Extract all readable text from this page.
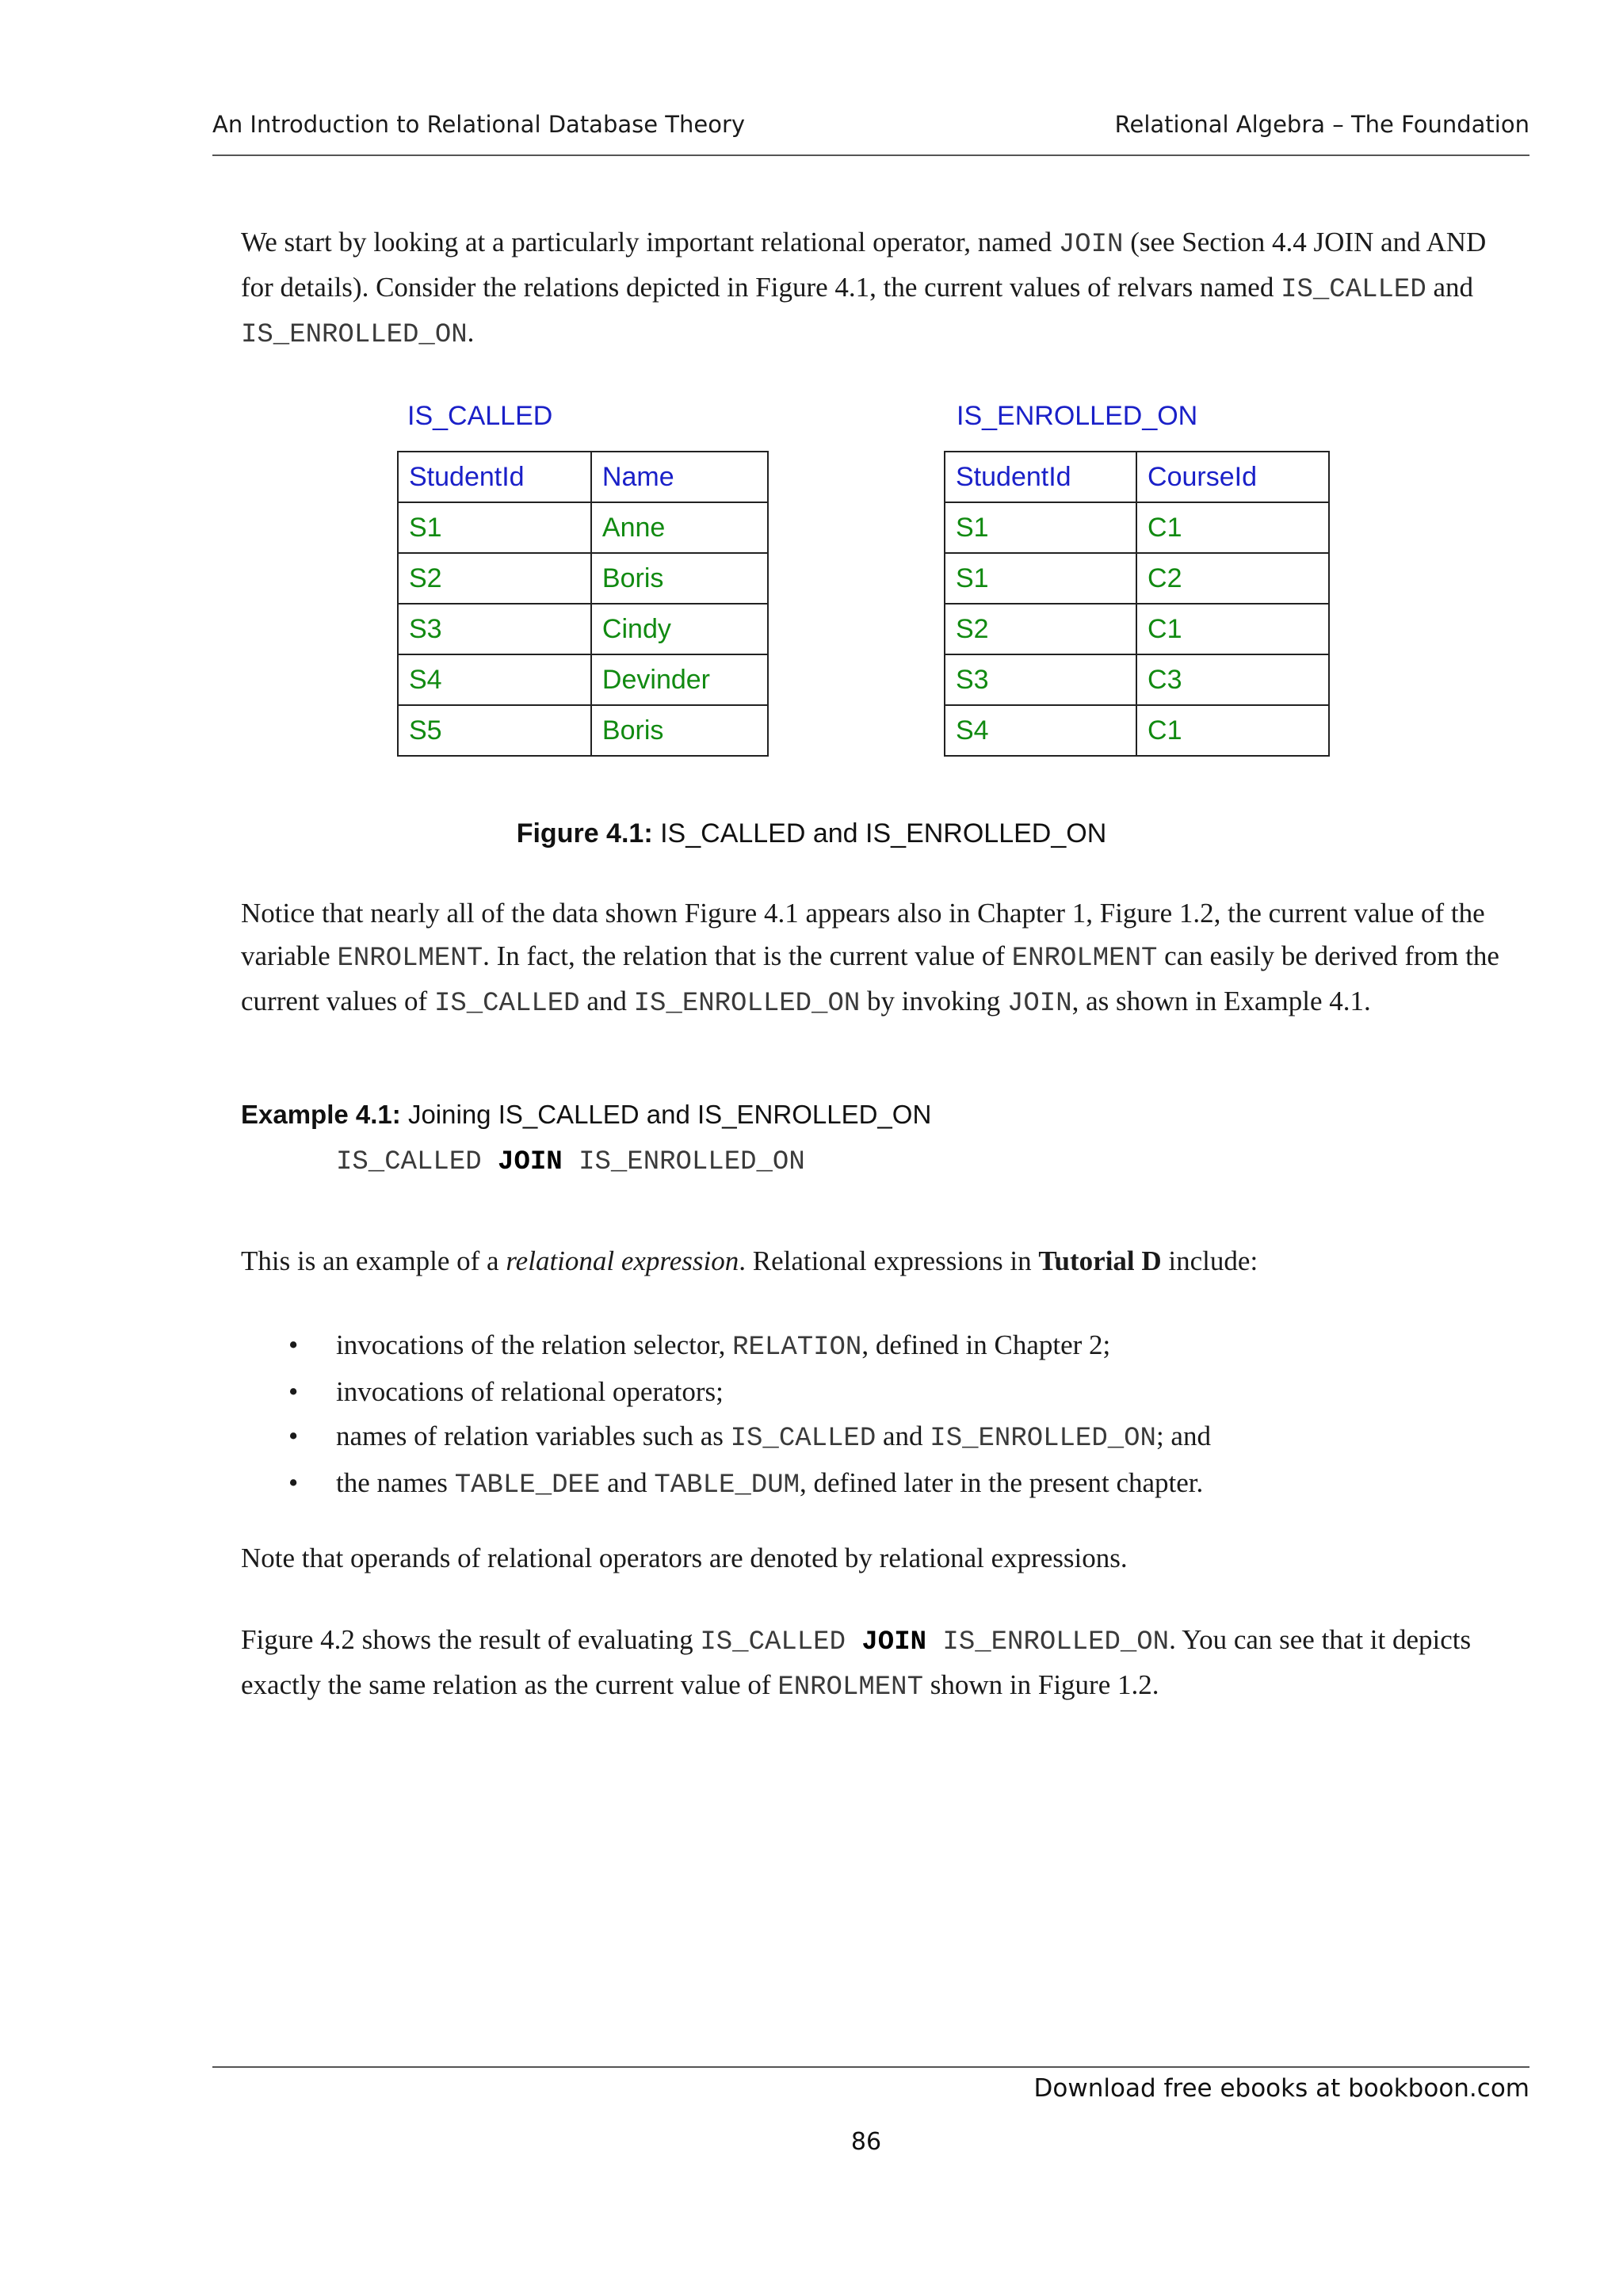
An Introduction to Relational Database Theory	Relational Algebra – The Foundation
We start by looking at a particularly important relational operator, named JOIN (see Section 4.4 JOIN and AND for details). Consider the relations depicted in Figure 4.1, the current values of relvars named IS_CALLED and IS_ENROLLED_ON.
IS_CALLED	IS_ENROLLED_ON
StudentId	Name
S1	Anne
S2	Boris
S3	Cindy
S4	Devinder
S5	Boris
StudentId	CourseId
S1	C1
S1	C2
S2	C1
S3	C3
S4	C1
Figure 4.1: IS_CALLED and IS_ENROLLED_ON
Notice that nearly all of the data shown Figure 4.1 appears also in Chapter 1, Figure 1.2, the current value of the variable ENROLMENT. In fact, the relation that is the current value of ENROLMENT can easily be derived from the current values of IS_CALLED and IS_ENROLLED_ON by invoking JOIN, as shown in Example 4.1.
Example 4.1: Joining IS_CALLED and IS_ENROLLED_ON
IS_CALLED JOIN IS_ENROLLED_ON
This is an example of a relational expression. Relational expressions in Tutorial D include:
• invocations of the relation selector, RELATION, defined in Chapter 2;
• invocations of relational operators;
• names of relation variables such as IS_CALLED and IS_ENROLLED_ON; and
• the names TABLE_DEE and TABLE_DUM, defined later in the present chapter.
Note that operands of relational operators are denoted by relational expressions.
Figure 4.2 shows the result of evaluating IS_CALLED JOIN IS_ENROLLED_ON. You can see that it depicts exactly the same relation as the current value of ENROLMENT shown in Figure 1.2.
Download free ebooks at bookboon.com
86
